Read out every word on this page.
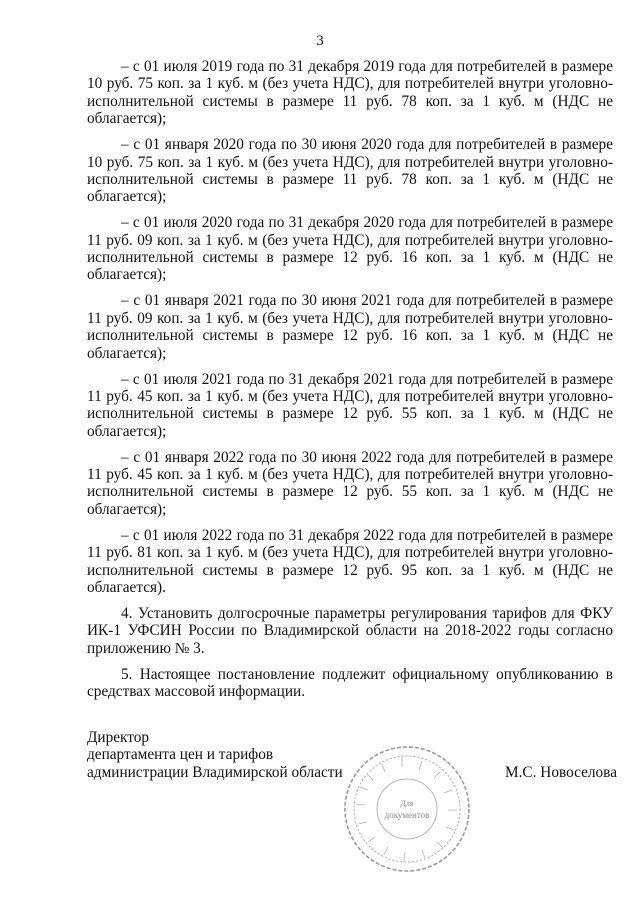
3

– с 01 июля 2019 года по 31 декабря 2019 года для потребителей в размере 10 руб. 75 коп. за 1 куб. м (без учета НДС), для потребителей внутри уголовно-исполнительной системы в размере 11 руб. 78 коп. за 1 куб. м (НДС не облагается);

– с 01 января 2020 года по 30 июня 2020 года для потребителей в размере 10 руб. 75 коп. за 1 куб. м (без учета НДС), для потребителей внутри уголовно-исполнительной системы в размере 11 руб. 78 коп. за 1 куб. м (НДС не облагается);

– с 01 июля 2020 года по 31 декабря 2020 года для потребителей в размере 11 руб. 09 коп. за 1 куб. м (без учета НДС), для потребителей внутри уголовно-исполнительной системы в размере 12 руб. 16 коп. за 1 куб. м (НДС не облагается);

– с 01 января 2021 года по 30 июня 2021 года для потребителей в размере 11 руб. 09 коп. за 1 куб. м (без учета НДС), для потребителей внутри уголовно-исполнительной системы в размере 12 руб. 16 коп. за 1 куб. м (НДС не облагается);

– с 01 июля 2021 года по 31 декабря 2021 года для потребителей в размере 11 руб. 45 коп. за 1 куб. м (без учета НДС), для потребителей внутри уголовно-исполнительной системы в размере 12 руб. 55 коп. за 1 куб. м (НДС не облагается);

– с 01 января 2022 года по 30 июня 2022 года для потребителей в размере 11 руб. 45 коп. за 1 куб. м (без учета НДС), для потребителей внутри уголовно-исполнительной системы в размере 12 руб. 55 коп. за 1 куб. м (НДС не облагается);

– с 01 июля 2022 года по 31 декабря 2022 года для потребителей в размере 11 руб. 81 коп. за 1 куб. м (без учета НДС), для потребителей внутри уголовно-исполнительной системы в размере 12 руб. 95 коп. за 1 куб. м (НДС не облагается).

4. Установить долгосрочные параметры регулирования тарифов для ФКУ ИК-1 УФСИН России по Владимирской области на 2018-2022 годы согласно приложению № 3.

5. Настоящее постановление подлежит официальному опубликованию в средствах массовой информации.

Директор
департамента цен и тарифов
администрации Владимирской области	М.С. Новоселова
Для
документов
